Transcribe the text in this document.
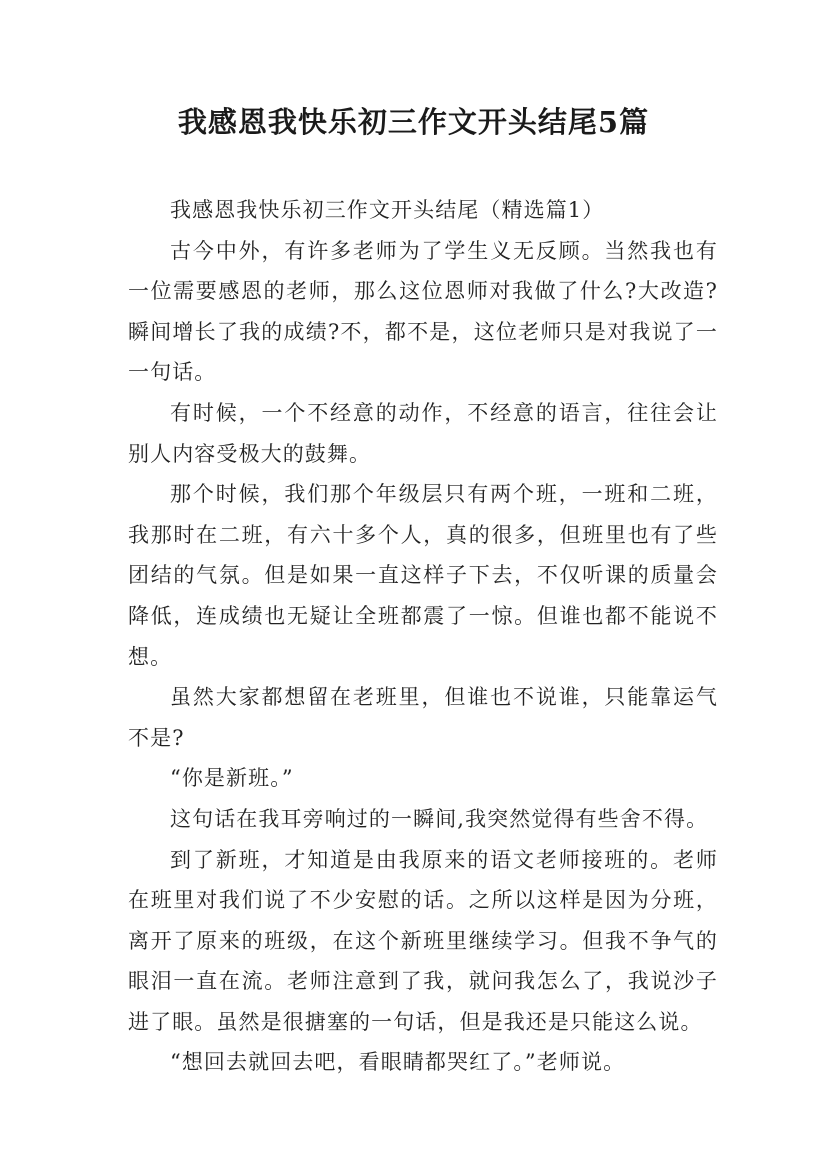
我感恩我快乐初三作文开头结尾5篇

我感恩我快乐初三作文开头结尾（精选篇1）

古今中外，有许多老师为了学生义无反顾。当然我也有一位需要感恩的老师，那么这位恩师对我做了什么?大改造?瞬间增长了我的成绩?不，都不是，这位老师只是对我说了一一句话。

有时候，一个不经意的动作，不经意的语言，往往会让别人内容受极大的鼓舞。

那个时候，我们那个年级层只有两个班，一班和二班，我那时在二班，有六十多个人，真的很多，但班里也有了些团结的气氛。但是如果一直这样子下去，不仅听课的质量会降低，连成绩也无疑让全班都震了一惊。但谁也都不能说不想。

虽然大家都想留在老班里，但谁也不说谁，只能靠运气不是?

“你是新班。”

这句话在我耳旁响过的一瞬间,我突然觉得有些舍不得。

到了新班，才知道是由我原来的语文老师接班的。老师在班里对我们说了不少安慰的话。之所以这样是因为分班，离开了原来的班级，在这个新班里继续学习。但我不争气的眼泪一直在流。老师注意到了我，就问我怎么了，我说沙子进了眼。虽然是很搪塞的一句话，但是我还是只能这么说。

“想回去就回去吧，看眼睛都哭红了。”老师说。
